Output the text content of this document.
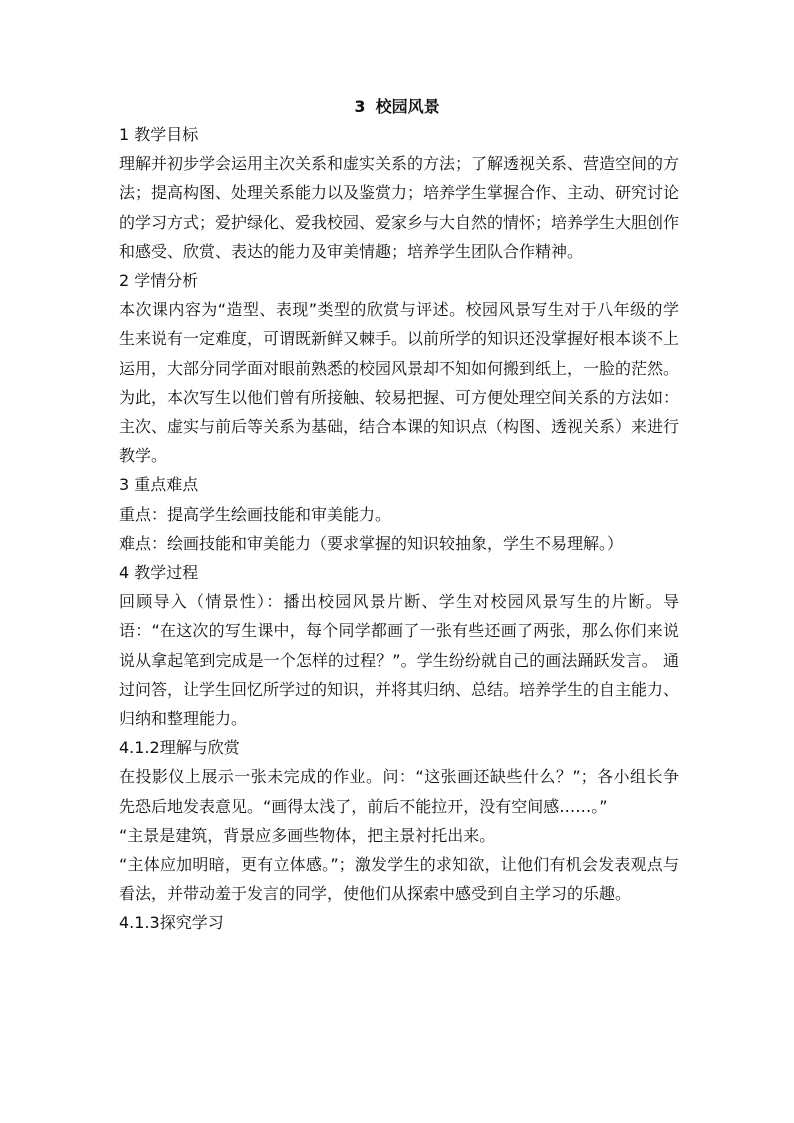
3 校园风景

1 教学目标

理解并初步学会运用主次关系和虚实关系的方法；了解透视关系、营造空间的方法；提高构图、处理关系能力以及鉴赏力；培养学生掌握合作、主动、研究讨论的学习方式；爱护绿化、爱我校园、爱家乡与大自然的情怀；培养学生大胆创作和感受、欣赏、表达的能力及审美情趣；培养学生团队合作精神。

2 学情分析

本次课内容为“造型、表现”类型的欣赏与评述。校园风景写生对于八年级的学生来说有一定难度，可谓既新鲜又棘手。以前所学的知识还没掌握好根本谈不上运用，大部分同学面对眼前熟悉的校园风景却不知如何搬到纸上，一脸的茫然。为此，本次写生以他们曾有所接触、较易把握、可方便处理空间关系的方法如：主次、虚实与前后等关系为基础，结合本课的知识点（构图、透视关系）来进行教学。

3 重点难点

重点：提高学生绘画技能和审美能力。

难点：绘画技能和审美能力（要求掌握的知识较抽象，学生不易理解。）

4 教学过程

回顾导入（情景性）：播出校园风景片断、学生对校园风景写生的片断。导语：“在这次的写生课中，每个同学都画了一张有些还画了两张，那么你们来说说从拿起笔到完成是一个怎样的过程？”。学生纷纷就自己的画法踊跃发言。 通过问答，让学生回忆所学过的知识，并将其归纳、总结。培养学生的自主能力、归纳和整理能力。

4.1.2理解与欣赏

在投影仪上展示一张未完成的作业。问：“这张画还缺些什么？”；各小组长争先恐后地发表意见。“画得太浅了，前后不能拉开，没有空间感……。”

“主景是建筑，背景应多画些物体，把主景衬托出来。

“主体应加明暗，更有立体感。”；激发学生的求知欲，让他们有机会发表观点与看法，并带动羞于发言的同学，使他们从探索中感受到自主学习的乐趣。

4.1.3探究学习
